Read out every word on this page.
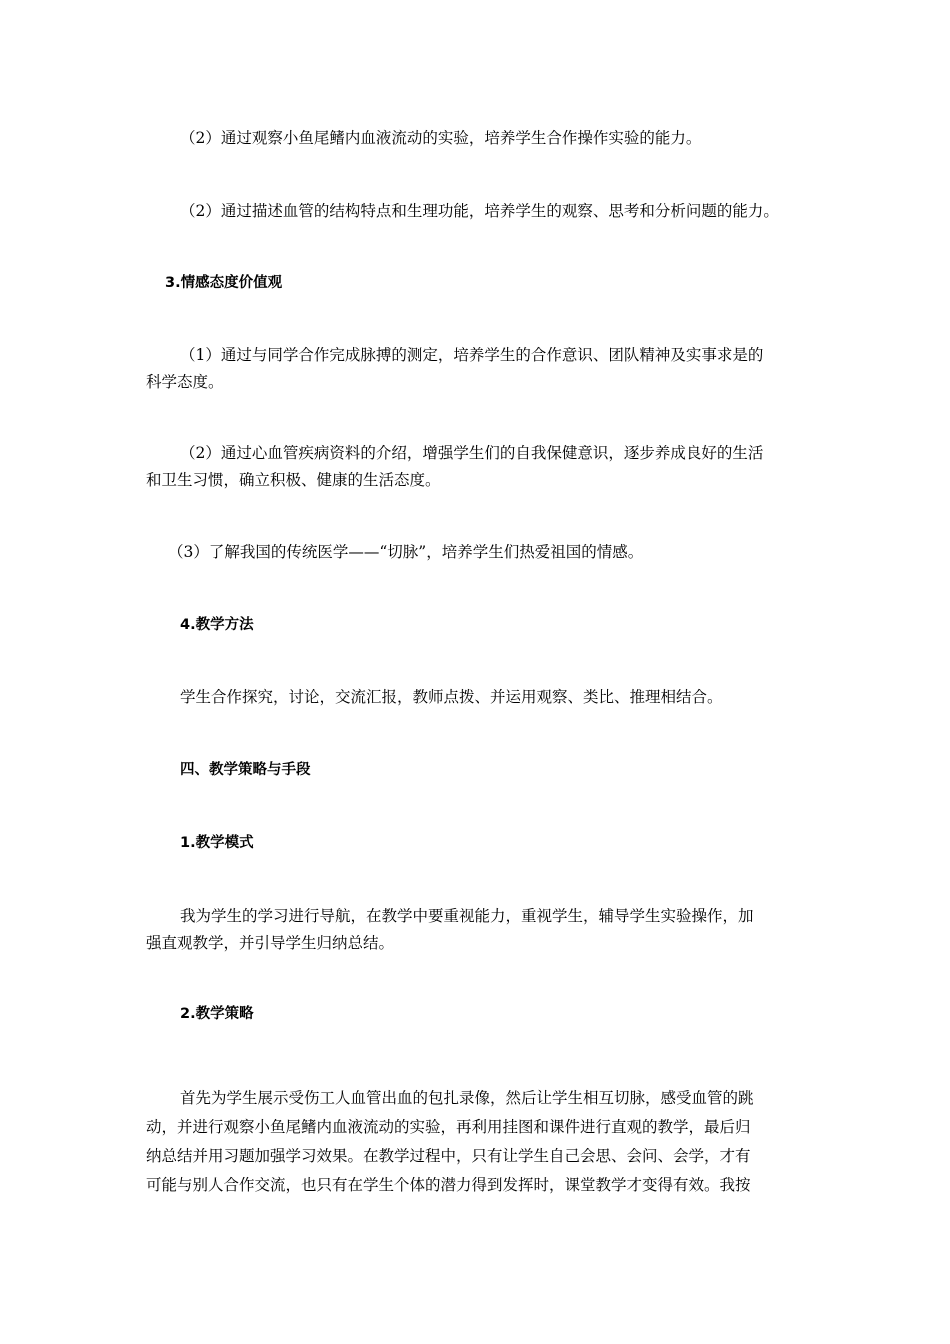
（2）通过观察小鱼尾鳍内血液流动的实验，培养学生合作操作实验的能力。

（2）通过描述血管的结构特点和生理功能，培养学生的观察、思考和分析问题的能力。

3.情感态度价值观

（1）通过与同学合作完成脉搏的测定，培养学生的合作意识、团队精神及实事求是的
科学态度。
（2）通过心血管疾病资料的介绍，增强学生们的自我保健意识，逐步养成良好的生活
和卫生习惯，确立积极、健康的生活态度。

（3）了解我国的传统医学——“切脉”，培养学生们热爱祖国的情感。

4.教学方法

学生合作探究，讨论，交流汇报，教师点拨、并运用观察、类比、推理相结合。

四、教学策略与手段

1.教学模式

我为学生的学习进行导航，在教学中要重视能力，重视学生，辅导学生实验操作，加
强直观教学，并引导学生归纳总结。

2.教学策略

首先为学生展示受伤工人血管出血的包扎录像，然后让学生相互切脉，感受血管的跳
动，并进行观察小鱼尾鳍内血液流动的实验，再利用挂图和课件进行直观的教学，最后归
纳总结并用习题加强学习效果。在教学过程中，只有让学生自己会思、会问、会学，才有
可能与别人合作交流，也只有在学生个体的潜力得到发挥时，课堂教学才变得有效。我按
